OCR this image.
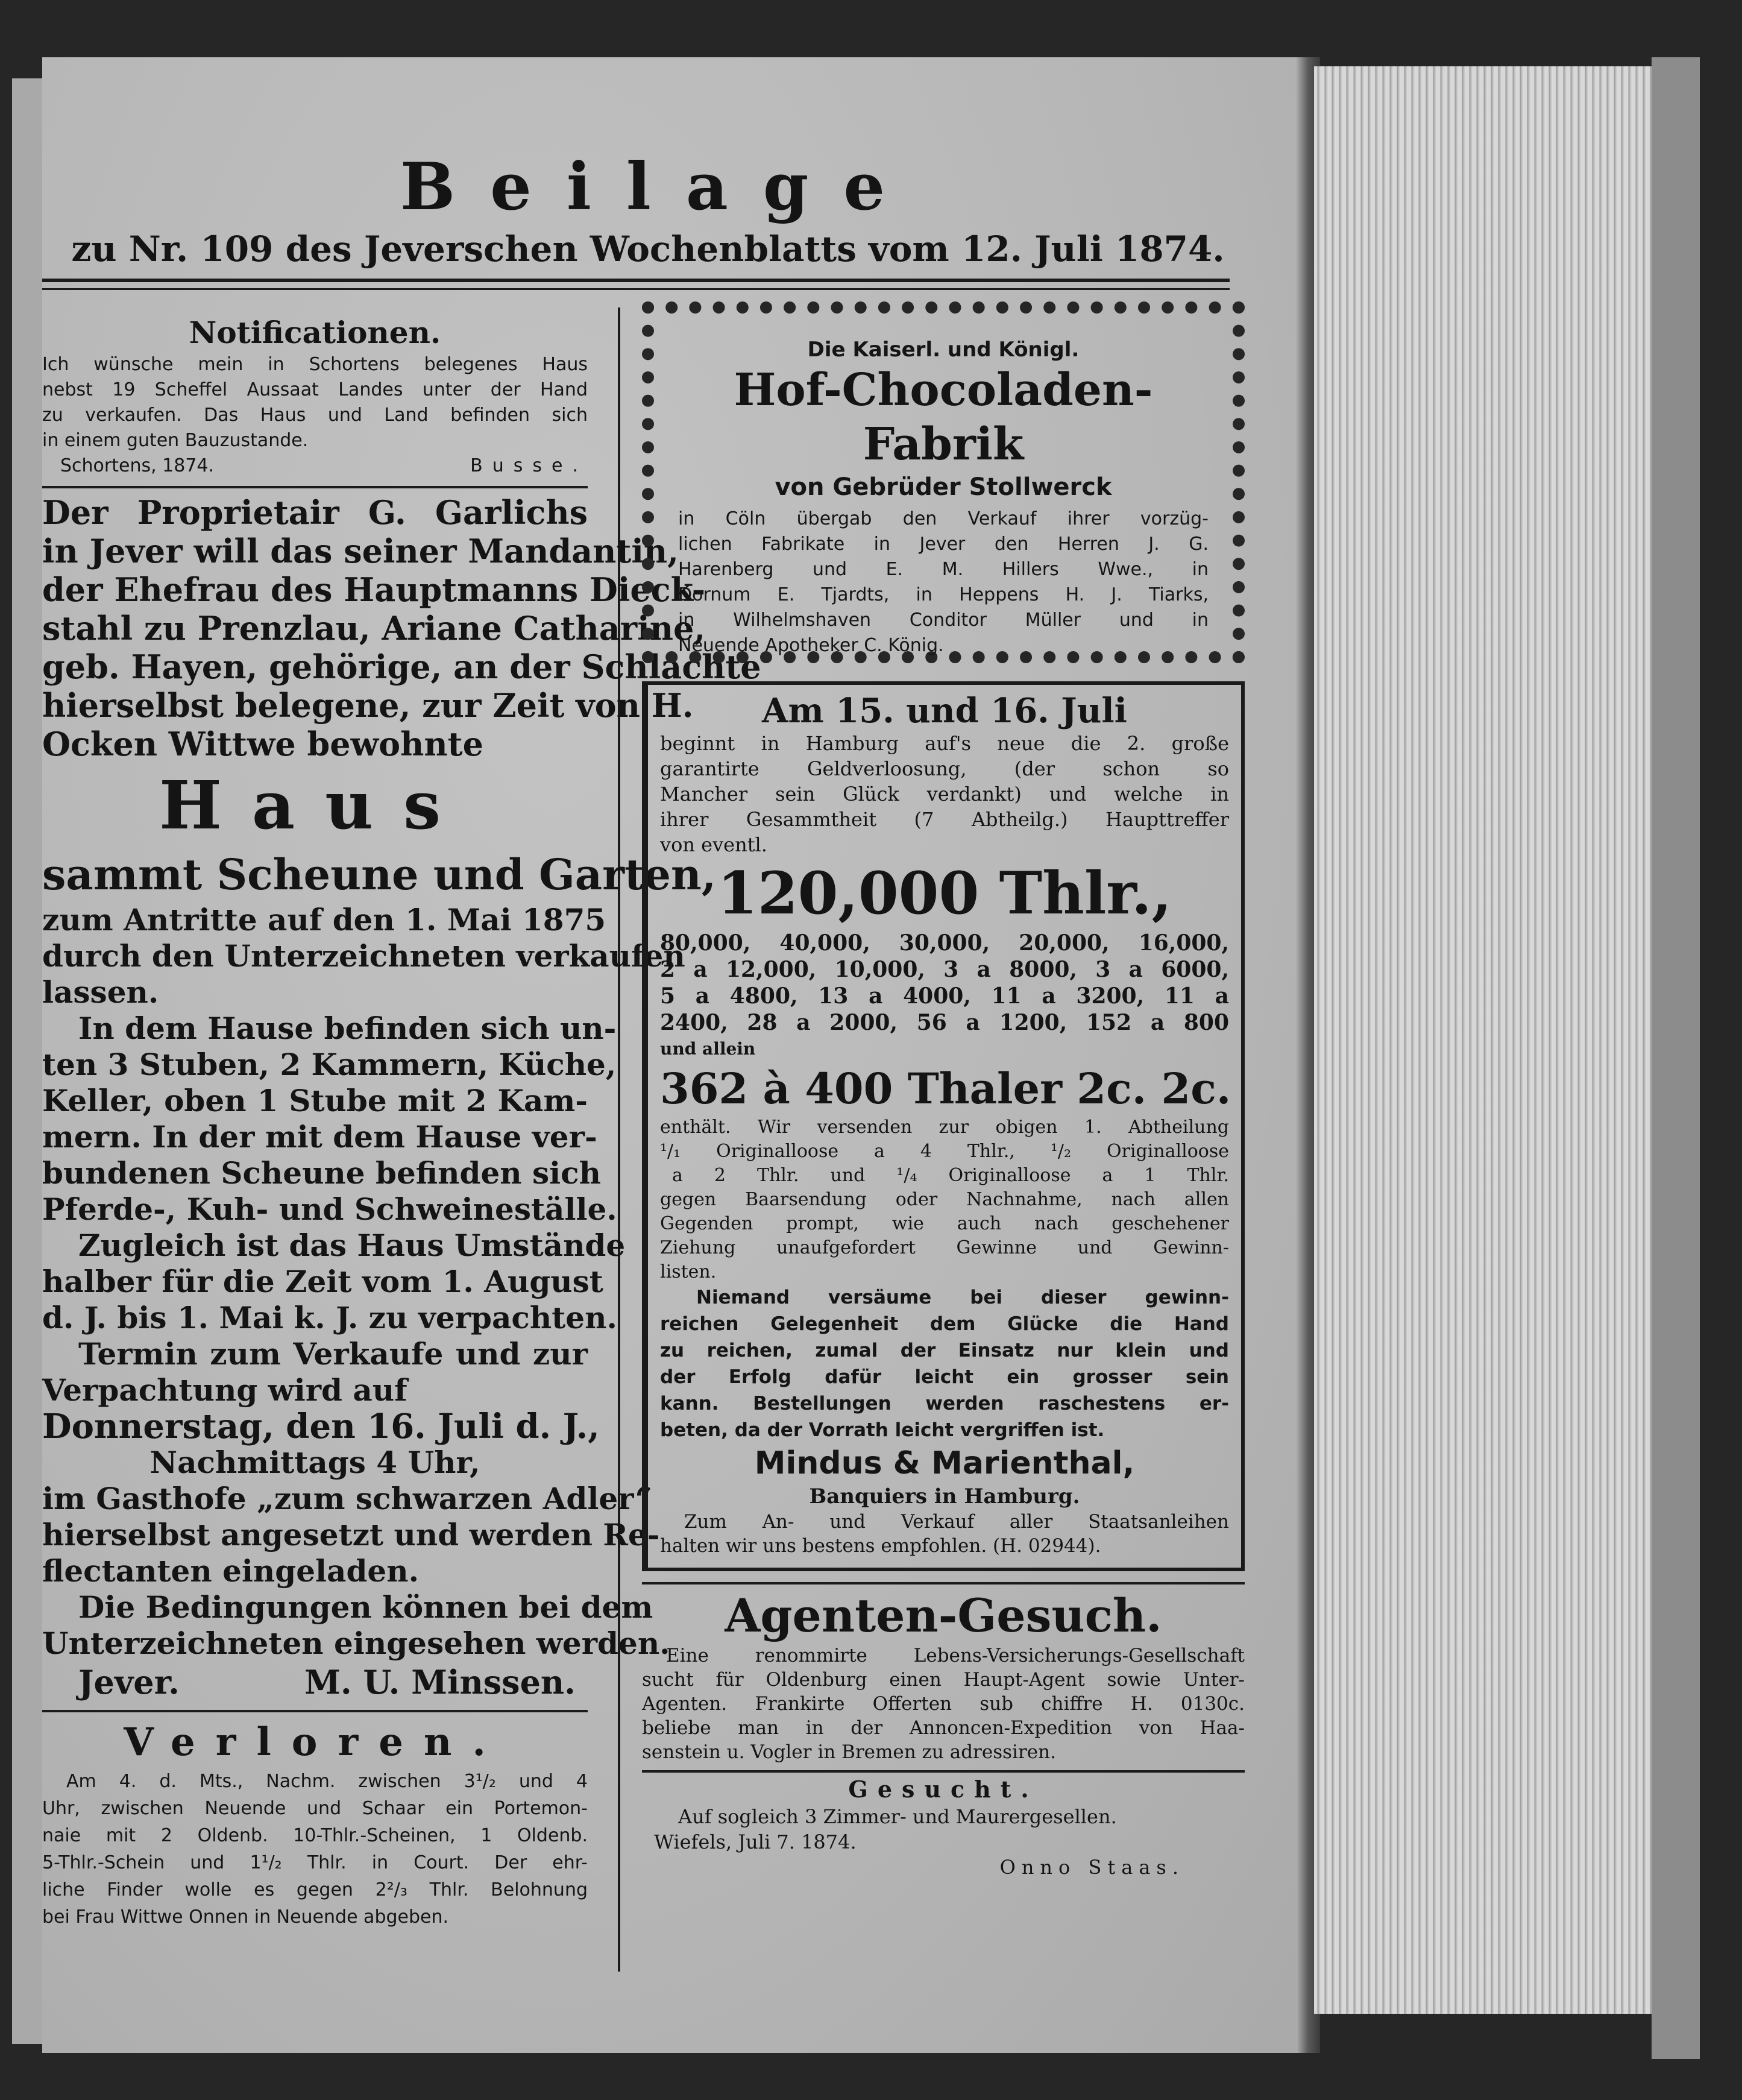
Beilage
zu Nr. 109 des Jeverschen Wochenblatts vom 12. Juli 1874.
Notificationen.

Ich wünsche mein in Schortens belegenes Haus

nebst 19 Scheffel Aussaat Landes unter der Hand

zu verkaufen. Das Haus und Land befinden sich

in einem guten Bauzustande.

Schortens, 1874.	Busse.

Der Proprietair G. Garlichs

in Jever will das seiner Mandantin,

der Ehefrau des Hauptmanns Dieck-

stahl zu Prenzlau, Ariane Catharine,

geb. Hayen, gehörige, an der Schlachte

hierselbst belegene, zur Zeit von H.

Ocken Wittwe bewohnte

Haus

sammt Scheune und Garten,

zum Antritte auf den 1. Mai 1875

durch den Unterzeichneten verkaufen

lassen.

In dem Hause befinden sich un-

ten 3 Stuben, 2 Kammern, Küche,

Keller, oben 1 Stube mit 2 Kam-

mern. In der mit dem Hause ver-

bundenen Scheune befinden sich

Pferde-, Kuh- und Schweineställe.

Zugleich ist das Haus Umstände

halber für die Zeit vom 1. August

d. J. bis 1. Mai k. J. zu verpachten.

Termin zum Verkaufe und zur

Verpachtung wird auf

Donnerstag, den 16. Juli d. J.,

Nachmittags 4 Uhr,

im Gasthofe „zum schwarzen Adler“

hierselbst angesetzt und werden Re-

flectanten eingeladen.

Die Bedingungen können bei dem

Unterzeichneten eingesehen werden.

Jever.	M. U. Minssen.
Verloren.

Am 4. d. Mts., Nachm. zwischen 3¹/₂ und 4

Uhr, zwischen Neuende und Schaar ein Portemon-

naie mit 2 Oldenb. 10-Thlr.-Scheinen, 1 Oldenb.

5-Thlr.-Schein und 1¹/₂ Thlr. in Court. Der ehr-

liche Finder wolle es gegen 2²/₃ Thlr. Belohnung

bei Frau Wittwe Onnen in Neuende abgeben.

Die Kaiserl. und Königl.
Hof-Chocoladen-Fabrik
von Gebrüder Stollwerck

in Cöln übergab den Verkauf ihrer vorzüg-

lichen Fabrikate in Jever den Herren J. G.

Harenberg und E. M. Hillers Wwe., in

Dornum E. Tjardts, in Heppens H. J. Tiarks,

in Wilhelmshaven Conditor Müller und in

Neuende Apotheker C. König.

Am 15. und 16. Juli

beginnt in Hamburg auf's neue die 2. große

garantirte Geldverloosung, (der schon so

Mancher sein Glück verdankt) und welche in

ihrer Gesammtheit (7 Abtheilg.) Haupttreffer

von eventl.

120,000 Thlr.,

80,000, 40,000, 30,000, 20,000, 16,000,

2 a 12,000, 10,000, 3 a 8000, 3 a 6000,

5 a 4800, 13 a 4000, 11 a 3200, 11 a

2400, 28 a 2000, 56 a 1200, 152 a 800

und allein

362 à 400 Thaler 2c. 2c.

enthält. Wir versenden zur obigen 1. Abtheilung

¹/₁ Originalloose a 4 Thlr., ¹/₂ Originalloose

a 2 Thlr. und ¹/₄ Originalloose a 1 Thlr.

gegen Baarsendung oder Nachnahme, nach allen

Gegenden prompt, wie auch nach geschehener

Ziehung unaufgefordert Gewinne und Gewinn-

listen.

Niemand versäume bei dieser gewinn-

reichen Gelegenheit dem Glücke die Hand

zu reichen, zumal der Einsatz nur klein und

der Erfolg dafür leicht ein grosser sein

kann. Bestellungen werden raschestens er-

beten, da der Vorrath leicht vergriffen ist.

Mindus & Marienthal,
Banquiers in Hamburg.

Zum An- und Verkauf aller Staatsanleihen

halten wir uns bestens empfohlen. (H. 02944).

Agenten-Gesuch.

Eine renommirte Lebens-Versicherungs-Gesellschaft

sucht für Oldenburg einen Haupt-Agent sowie Unter-

Agenten. Frankirte Offerten sub chiffre H. 0130c.

beliebe man in der Annoncen-Expedition von Haa-

senstein u. Vogler in Bremen zu adressiren.

Gesucht.

Auf sogleich 3 Zimmer- und Maurergesellen.

Wiefels, Juli 7. 1874.

Onno Staas.
